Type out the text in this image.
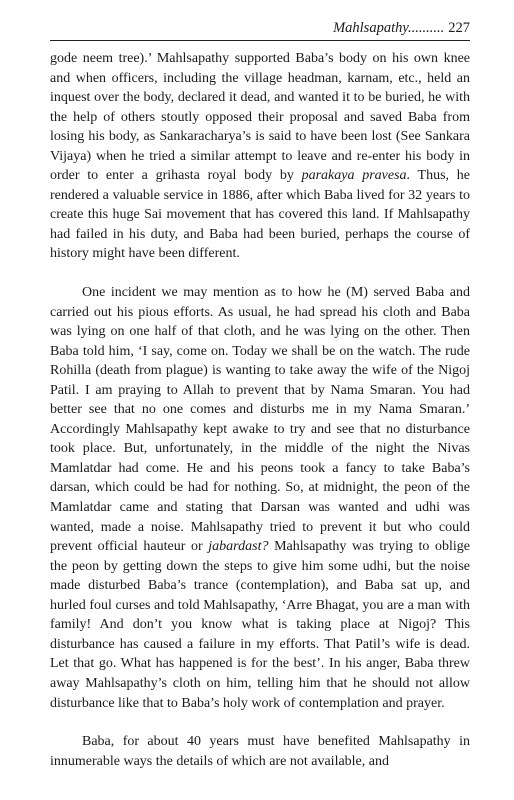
Mahlsapathy.......... 227

gode neem tree).’ Mahlsapathy supported Baba’s body on his own knee and when officers, including the village headman, karnam, etc., held an inquest over the body, declared it dead, and wanted it to be buried, he with the help of others stoutly opposed their proposal and saved Baba from losing his body, as Sankaracharya’s is said to have been lost (See Sankara Vijaya) when he tried a similar attempt to leave and re-enter his body in order to enter a grihasta royal body by parakaya pravesa. Thus, he rendered a valuable service in 1886, after which Baba lived for 32 years to create this huge Sai movement that has covered this land. If Mahlsapathy had failed in his duty, and Baba had been buried, perhaps the course of history might have been different.

One incident we may mention as to how he (M) served Baba and carried out his pious efforts. As usual, he had spread his cloth and Baba was lying on one half of that cloth, and he was lying on the other. Then Baba told him, ‘I say, come on. Today we shall be on the watch. The rude Rohilla (death from plague) is wanting to take away the wife of the Nigoj Patil. I am praying to Allah to prevent that by Nama Smaran. You had better see that no one comes and disturbs me in my Nama Smaran.’ Accordingly Mahlsapathy kept awake to try and see that no disturbance took place. But, unfortunately, in the middle of the night the Nivas Mamlatdar had come. He and his peons took a fancy to take Baba’s darsan, which could be had for nothing. So, at midnight, the peon of the Mamlatdar came and stating that Darsan was wanted and udhi was wanted, made a noise. Mahlsapathy tried to prevent it but who could prevent official hauteur or jabardast? Mahlsapathy was trying to oblige the peon by getting down the steps to give him some udhi, but the noise made disturbed Baba’s trance (contemplation), and Baba sat up, and hurled foul curses and told Mahlsapathy, ‘Arre Bhagat, you are a man with family! And don’t you know what is taking place at Nigoj? This disturbance has caused a failure in my efforts. That Patil’s wife is dead. Let that go. What has happened is for the best’. In his anger, Baba threw away Mahlsapathy’s cloth on him, telling him that he should not allow disturbance like that to Baba’s holy work of contemplation and prayer.

Baba, for about 40 years must have benefited Mahlsapathy in innumerable ways the details of which are not available, and
